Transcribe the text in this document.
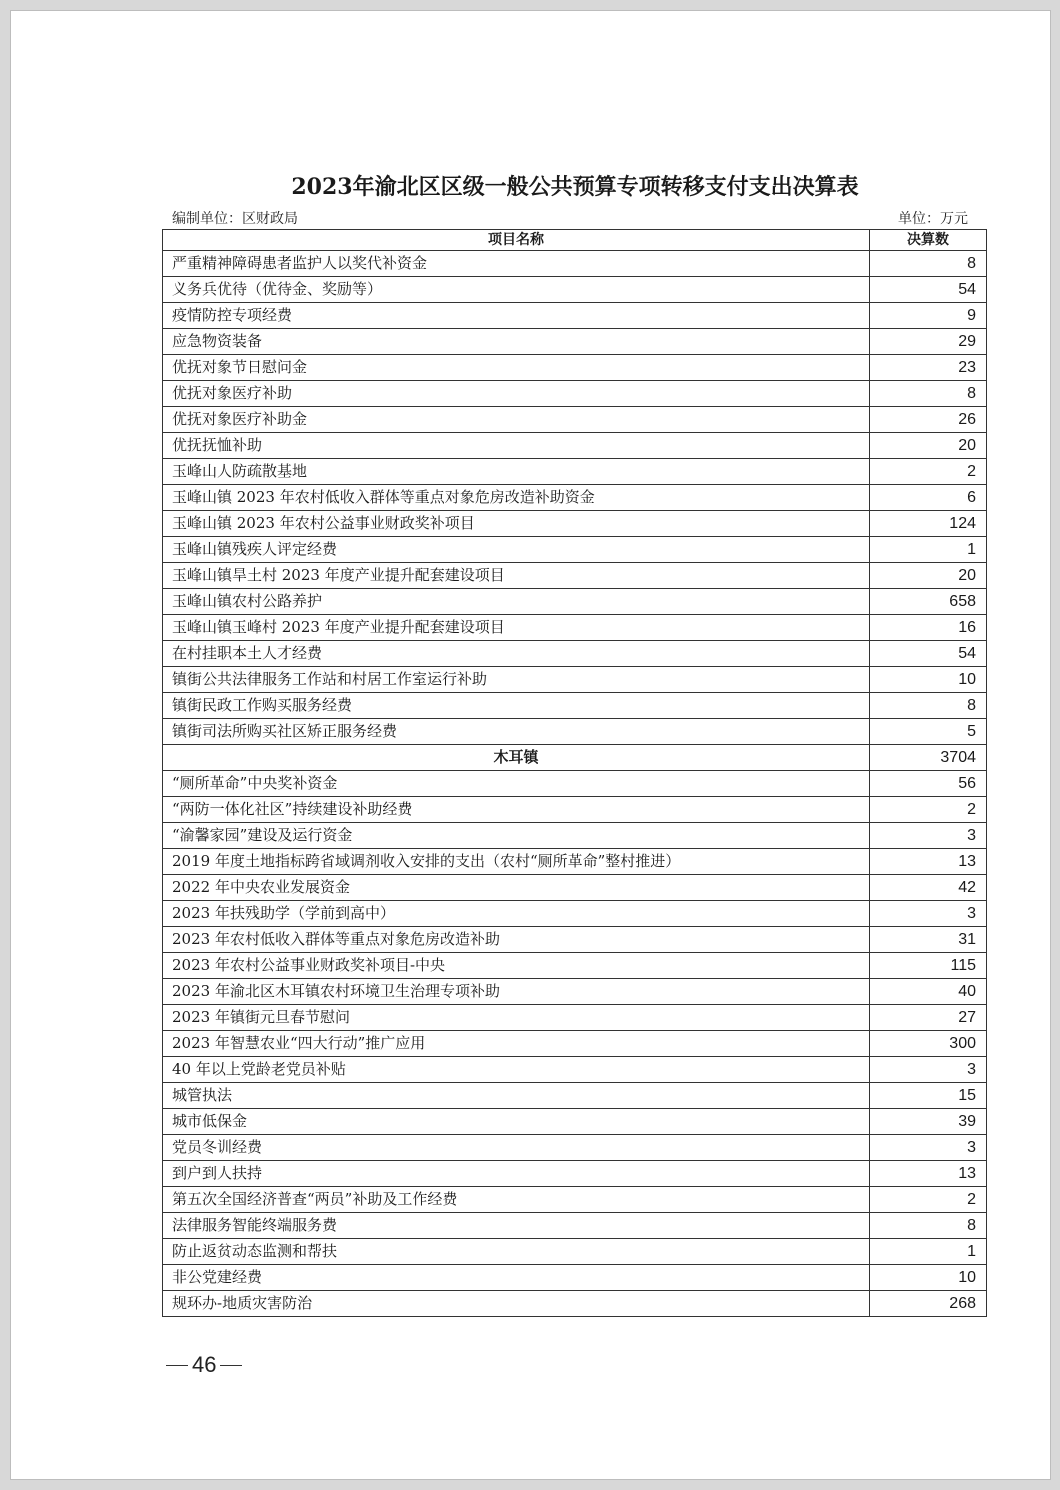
2023年渝北区区级一般公共预算专项转移支付支出决算表
编制单位：区财政局	单位：万元
项目名称	决算数
严重精神障碍患者监护人以奖代补资金	8
义务兵优待（优待金、奖励等）	54
疫情防控专项经费	9
应急物资装备	29
优抚对象节日慰问金	23
优抚对象医疗补助	8
优抚对象医疗补助金	26
优抚抚恤补助	20
玉峰山人防疏散基地	2
玉峰山镇 2023 年农村低收入群体等重点对象危房改造补助资金	6
玉峰山镇 2023 年农村公益事业财政奖补项目	124
玉峰山镇残疾人评定经费	1
玉峰山镇旱土村 2023 年度产业提升配套建设项目	20
玉峰山镇农村公路养护	658
玉峰山镇玉峰村 2023 年度产业提升配套建设项目	16
在村挂职本土人才经费	54
镇街公共法律服务工作站和村居工作室运行补助	10
镇街民政工作购买服务经费	8
镇街司法所购买社区矫正服务经费	5
木耳镇	3704
“厕所革命”中央奖补资金	56
“两防一体化社区”持续建设补助经费	2
“渝馨家园”建设及运行资金	3
2019 年度土地指标跨省域调剂收入安排的支出（农村“厕所革命”整村推进）	13
2022 年中央农业发展资金	42
2023 年扶残助学（学前到高中）	3
2023 年农村低收入群体等重点对象危房改造补助	31
2023 年农村公益事业财政奖补项目-中央	115
2023 年渝北区木耳镇农村环境卫生治理专项补助	40
2023 年镇街元旦春节慰问	27
2023 年智慧农业“四大行动”推广应用	300
40 年以上党龄老党员补贴	3
城管执法	15
城市低保金	39
党员冬训经费	3
到户到人扶持	13
第五次全国经济普查“两员”补助及工作经费	2
法律服务智能终端服务费	8
防止返贫动态监测和帮扶	1
非公党建经费	10
规环办-地质灾害防治	268
46
